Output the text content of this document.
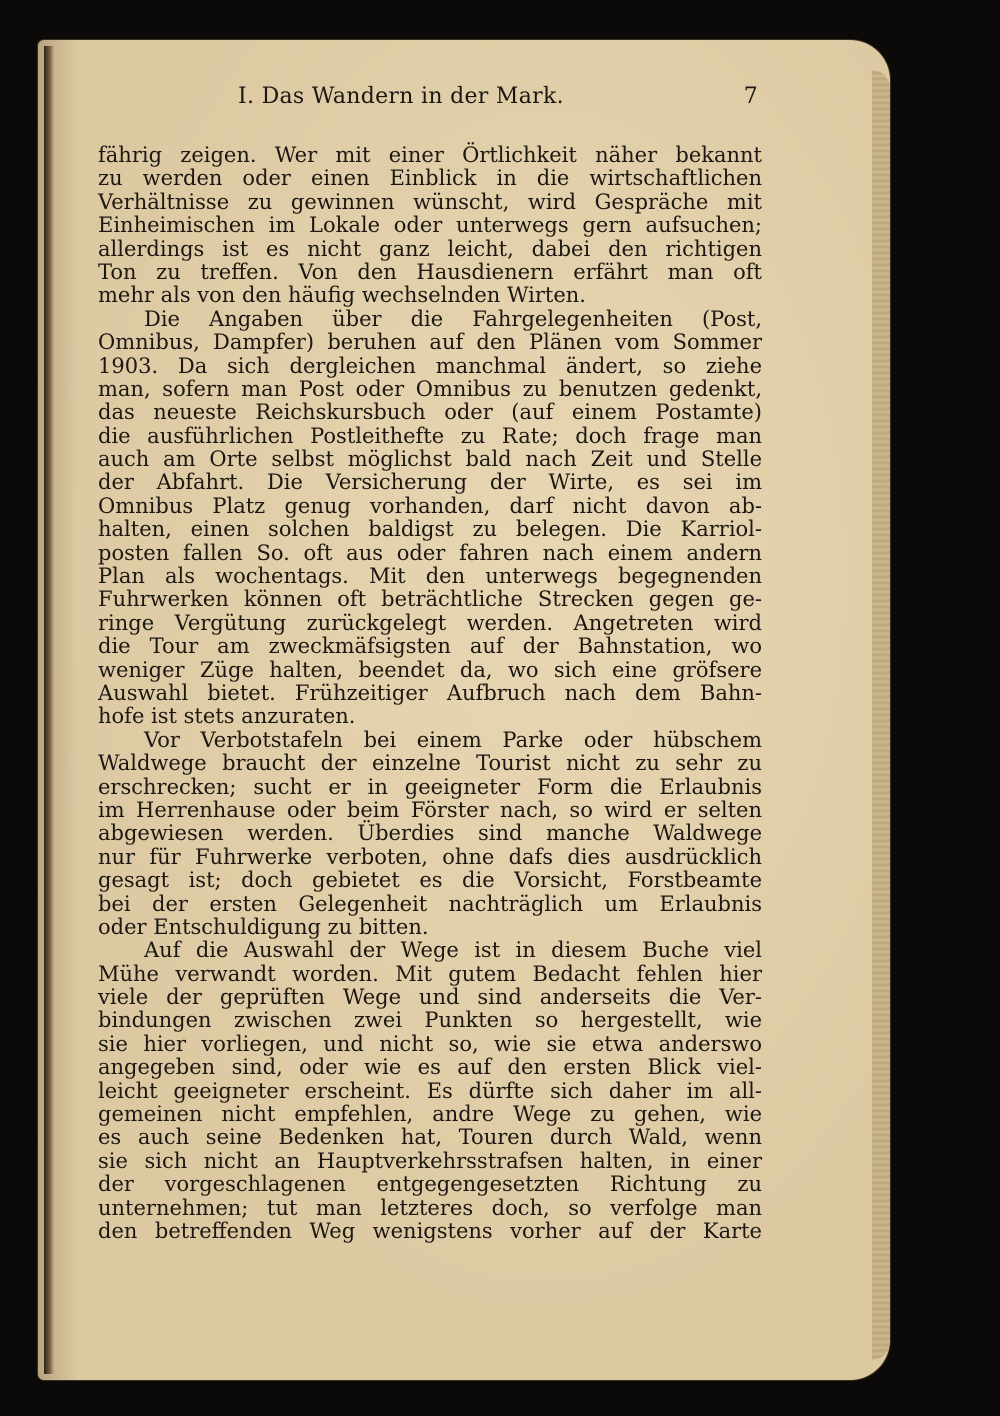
I. Das Wandern in der Mark.	7
fährig zeigen. Wer mit einer Örtlichkeit näher bekannt
zu werden oder einen Einblick in die wirtschaftlichen
Verhältnisse zu gewinnen wünscht, wird Gespräche mit
Einheimischen im Lokale oder unterwegs gern aufsuchen;
allerdings ist es nicht ganz leicht, dabei den richtigen
Ton zu treffen. Von den Hausdienern erfährt man oft
mehr als von den häufig wechselnden Wirten.
Die Angaben über die Fahrgelegenheiten (Post,
Omnibus, Dampfer) beruhen auf den Plänen vom Sommer
1903. Da sich dergleichen manchmal ändert, so ziehe
man, sofern man Post oder Omnibus zu benutzen gedenkt,
das neueste Reichskursbuch oder (auf einem Postamte)
die ausführlichen Postleithefte zu Rate; doch frage man
auch am Orte selbst möglichst bald nach Zeit und Stelle
der Abfahrt. Die Versicherung der Wirte, es sei im
Omnibus Platz genug vorhanden, darf nicht davon ab-
halten, einen solchen baldigst zu belegen. Die Karriol-
posten fallen So. oft aus oder fahren nach einem andern
Plan als wochentags. Mit den unterwegs begegnenden
Fuhrwerken können oft beträchtliche Strecken gegen ge-
ringe Vergütung zurückgelegt werden. Angetreten wird
die Tour am zweckmäfsigsten auf der Bahnstation, wo
weniger Züge halten, beendet da, wo sich eine gröfsere
Auswahl bietet. Frühzeitiger Aufbruch nach dem Bahn-
hofe ist stets anzuraten.
Vor Verbotstafeln bei einem Parke oder hübschem
Waldwege braucht der einzelne Tourist nicht zu sehr zu
erschrecken; sucht er in geeigneter Form die Erlaubnis
im Herrenhause oder beim Förster nach, so wird er selten
abgewiesen werden. Überdies sind manche Waldwege
nur für Fuhrwerke verboten, ohne dafs dies ausdrücklich
gesagt ist; doch gebietet es die Vorsicht, Forstbeamte
bei der ersten Gelegenheit nachträglich um Erlaubnis
oder Entschuldigung zu bitten.
Auf die Auswahl der Wege ist in diesem Buche viel
Mühe verwandt worden. Mit gutem Bedacht fehlen hier
viele der geprüften Wege und sind anderseits die Ver-
bindungen zwischen zwei Punkten so hergestellt, wie
sie hier vorliegen, und nicht so, wie sie etwa anderswo
angegeben sind, oder wie es auf den ersten Blick viel-
leicht geeigneter erscheint. Es dürfte sich daher im all-
gemeinen nicht empfehlen, andre Wege zu gehen, wie
es auch seine Bedenken hat, Touren durch Wald, wenn
sie sich nicht an Hauptverkehrsstrafsen halten, in einer
der vorgeschlagenen entgegengesetzten Richtung zu
unternehmen; tut man letzteres doch, so verfolge man
den betreffenden Weg wenigstens vorher auf der Karte
